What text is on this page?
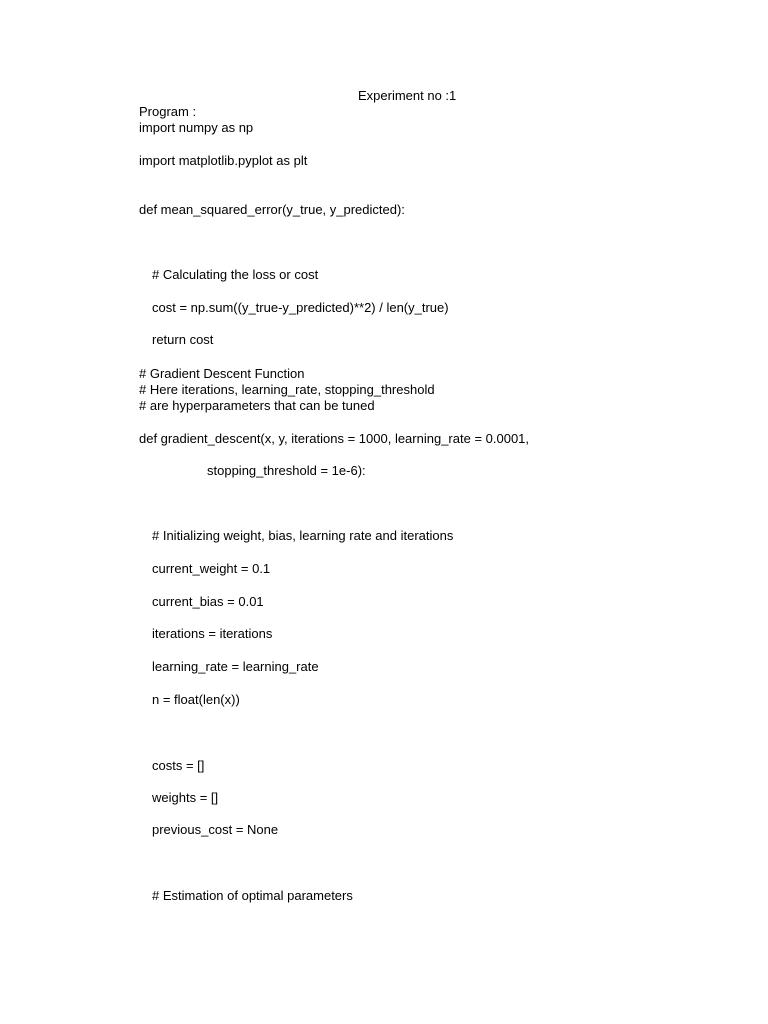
Experiment no :1
Program :
import numpy as np
import matplotlib.pyplot as plt
def mean_squared_error(y_true, y_predicted):
# Calculating the loss or cost
cost = np.sum((y_true-y_predicted)**2) / len(y_true)
return cost
# Gradient Descent Function
# Here iterations, learning_rate, stopping_threshold
# are hyperparameters that can be tuned
def gradient_descent(x, y, iterations = 1000, learning_rate = 0.0001,
stopping_threshold = 1e-6):
# Initializing weight, bias, learning rate and iterations
current_weight = 0.1
current_bias = 0.01
iterations = iterations
learning_rate = learning_rate
n = float(len(x))
costs = []
weights = []
previous_cost = None
# Estimation of optimal parameters
